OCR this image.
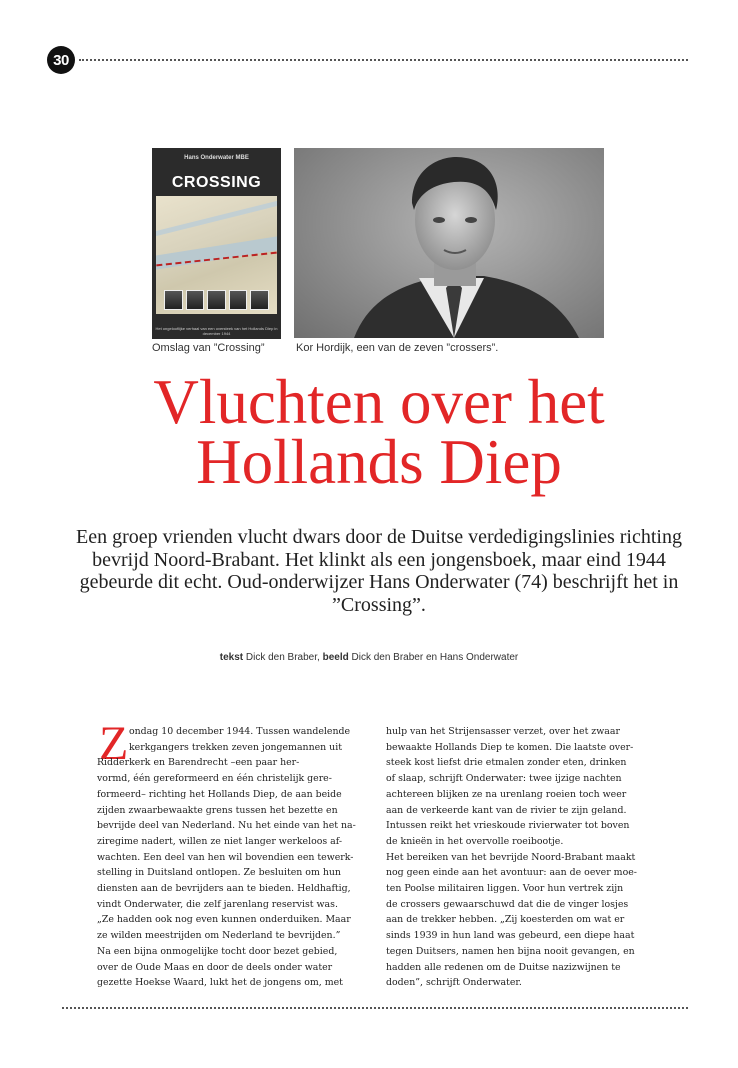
30
Hans Onderwater MBE
CROSSING
Het ongelooflijke verhaal van een oversteek van het Hollands Diep in december 1944
Omslag van ”Crossing”	Kor Hordijk, een van de zeven ”crossers”.
Vluchten over het
Hollands Diep

Een groep vrienden vlucht dwars door de Duitse verdedigingslinies richting bevrijd Noord-Brabant. Het klinkt als een jongensboek, maar eind 1944 gebeurde dit echt. Oud-onderwijzer Hans Onderwater (74) beschrijft het in ”Crossing”.

tekst Dick den Braber, beeld Dick den Braber en Hans Onderwater
Z ondag 10 december 1944. Tussen wandelende

kerkgangers trekken zeven jongemannen uit

Ridderkerk en Barendrecht –een paar her-

vormd, één gereformeerd en één christelijk gere-

formeerd– richting het Hollands Diep, de aan beide

zijden zwaarbewaakte grens tussen het bezette en

bevrijde deel van Nederland. Nu het einde van het na-

ziregime nadert, willen ze niet langer werkeloos af-

wachten. Een deel van hen wil bovendien een tewerk-

stelling in Duitsland ontlopen. Ze besluiten om hun

diensten aan de bevrijders aan te bieden. Heldhaftig,

vindt Onderwater, die zelf jarenlang reservist was.

„Ze hadden ook nog even kunnen onderduiken. Maar

ze wilden meestrijden om Nederland te bevrijden.”

Na een bijna onmogelijke tocht door bezet gebied,

over de Oude Maas en door de deels onder water

gezette Hoekse Waard, lukt het de jongens om, met

hulp van het Strijensasser verzet, over het zwaar

bewaakte Hollands Diep te komen. Die laatste over-

steek kost liefst drie etmalen zonder eten, drinken

of slaap, schrijft Onderwater: twee ijzige nachten

achtereen blijken ze na urenlang roeien toch weer

aan de verkeerde kant van de rivier te zijn geland.

Intussen reikt het vrieskoude rivierwater tot boven

de knieën in het overvolle roeibootje.

Het bereiken van het bevrijde Noord-Brabant maakt

nog geen einde aan het avontuur: aan de oever moe-

ten Poolse militairen liggen. Voor hun vertrek zijn

de crossers gewaarschuwd dat die de vinger losjes

aan de trekker hebben. „Zij koesterden om wat er

sinds 1939 in hun land was gebeurd, een diepe haat

tegen Duitsers, namen hen bijna nooit gevangen, en

hadden alle redenen om de Duitse nazizwijnen te

doden”, schrijft Onderwater.
